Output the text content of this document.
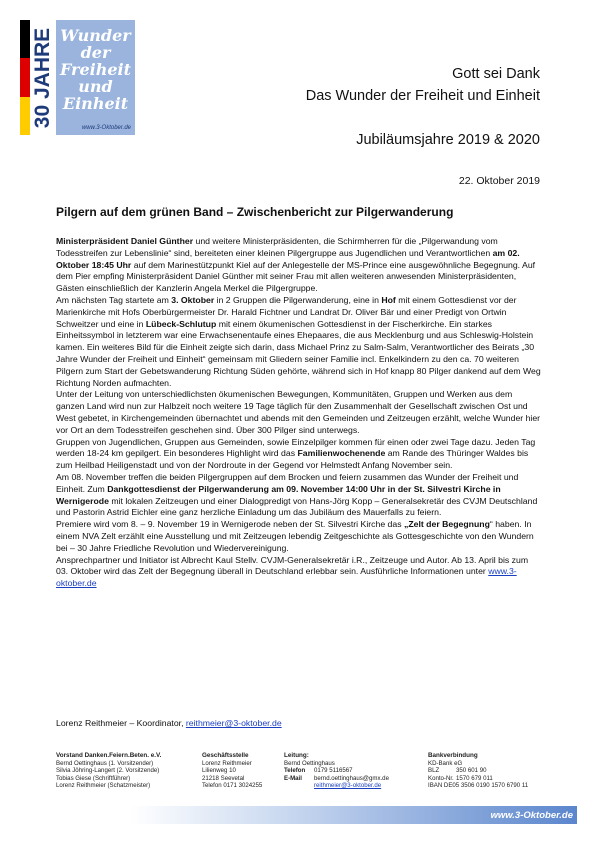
30 JAHRE Wunder
der
Freiheit
und
Einheit
www.3-Oktober.de
Gott sei Dank
Das Wunder der Freiheit und Einheit
Jubiläumsjahre 2019 & 2020
22. Oktober 2019
Pilgern auf dem grünen Band – Zwischenbericht zur Pilgerwanderung

Ministerpräsident Daniel Günther und weitere Ministerpräsidenten, die Schirmherren für die „Pilgerwandung vom Todesstreifen zur Lebenslinie“ sind, bereiteten einer kleinen Pilgergruppe aus Jugendlichen und Verantwortlichen am 02. Oktober 18:45 Uhr auf dem Marinestützpunkt Kiel auf der Anlegestelle der MS-Prince eine ausgewöhnliche Begegnung. Auf dem Pier empfing Ministerpräsident Daniel Günther mit seiner Frau mit allen weiteren anwesenden Ministerpräsidenten, Gästen einschließlich der Kanzlerin Angela Merkel die Pilgergruppe.

Am nächsten Tag startete am 3. Oktober in 2 Gruppen die Pilgerwanderung, eine in Hof mit einem Gottesdienst vor der Marienkirche mit Hofs Oberbürgermeister Dr. Harald Fichtner und Landrat Dr. Oliver Bär und einer Predigt von Ortwin Schweitzer und eine in Lübeck-Schlutup mit einem ökumenischen Gottesdienst in der Fischerkirche. Ein starkes Einheitssymbol in letzterem war eine Erwachsenentaufe eines Ehepaares, die aus Mecklenburg und aus Schleswig-Holstein kamen. Ein weiteres Bild für die Einheit zeigte sich darin, dass Michael Prinz zu Salm-Salm, Verantwortlicher des Beirats „30 Jahre Wunder der Freiheit und Einheit“ gemeinsam mit Gliedern seiner Familie incl. Enkelkindern zu den ca. 70 weiteren Pilgern zum Start der Gebetswanderung Richtung Süden gehörte, während sich in Hof knapp 80 Pilger dankend auf dem Weg Richtung Norden aufmachten.

Unter der Leitung von unterschiedlichsten ökumenischen Bewegungen, Kommunitäten, Gruppen und Werken aus dem ganzen Land wird nun zur Halbzeit noch weitere 19 Tage täglich für den Zusammenhalt der Gesellschaft zwischen Ost und West gebetet, in Kirchengemeinden übernachtet und abends mit den Gemeinden und Zeitzeugen erzählt, welche Wunder hier vor Ort an dem Todesstreifen geschehen sind. Über 300 Pilger sind unterwegs.

Gruppen von Jugendlichen, Gruppen aus Gemeinden, sowie Einzelpilger kommen für einen oder zwei Tage dazu. Jeden Tag werden 18-24 km gepilgert. Ein besonderes Highlight wird das Familienwochenende am Rande des Thüringer Waldes bis zum Heilbad Heiligenstadt und von der Nordroute in der Gegend vor Helmstedt Anfang November sein.

Am 08. November treffen die beiden Pilgergruppen auf dem Brocken und feiern zusammen das Wunder der Freiheit und Einheit. Zum Dankgottesdienst der Pilgerwanderung am 09. November 14:00 Uhr in der St. Silvestri Kirche in Wernigerode mit lokalen Zeitzeugen und einer Dialogpredigt von Hans-Jörg Kopp – Generalsekretär des CVJM Deutschland und Pastorin Astrid Eichler eine ganz herzliche Einladung um das Jubiläum des Mauerfalls zu feiern.

Premiere wird vom 8. – 9. November 19 in Wernigerode neben der St. Silvestri Kirche das „Zelt der Begegnung“ haben. In einem NVA Zelt erzählt eine Ausstellung und mit Zeitzeugen lebendig Zeitgeschichte als Gottesgeschichte von den Wundern bei – 30 Jahre Friedliche Revolution und Wiedervereinigung.

Ansprechpartner und Initiator ist Albrecht Kaul Stellv. CVJM-Generalsekretär i.R., Zeitzeuge und Autor. Ab 13. April bis zum 03. Oktober wird das Zelt der Begegnung überall in Deutschland erlebbar sein. Ausführliche Informationen unter www.3-oktober.de

Lorenz Reithmeier – Koordinator, reithmeier@3-oktober.de
Vorstand Danken.Feiern.Beten. e.V.
Bernd Oettinghaus (1. Vorsitzender)
Silvia Jöhring-Langert (2. Vorsitzende)
Tobias Giese (Schriftführer)
Lorenz Reithmeier (Schatzmeister)
Geschäftsstelle
Lorenz Reithmeier
Lilienweg 10
21218 Seevetal
Telefon 0171 3024255
Leitung:
Bernd Oettinghaus
Telefon	0179 5116567
E-Mail	bernd.oettinghaus@gmx.de
reithmeier@3-oktober.de
Bankverbindung
KD-Bank eG
BLZ	350 601 90
Konto-Nr. 1570 679 011
IBAN DE05 3506 0190 1570 6790 11
www.3-Oktober.de
